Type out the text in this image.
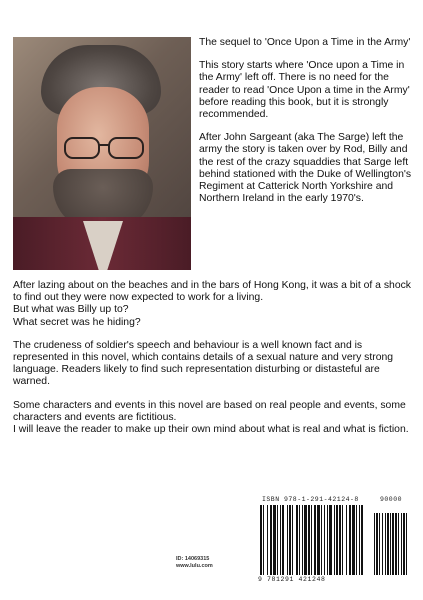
The sequel to 'Once Upon a Time in the Army'

This story starts where 'Once upon a Time in the Army' left off. There is no need for the reader to read 'Once Upon a time in the Army' before reading this book, but it is strongly recommended.

After John Sargeant (aka The Sarge) left the army the story is taken over by Rod, Billy and the rest of the crazy squaddies that Sarge left behind stationed with the Duke of Wellington's Regiment at Catterick North Yorkshire and Northern Ireland in the early 1970's.

After lazing about on the beaches and in the bars of Hong Kong, it was a bit of a shock to find out they were now expected to work for a living.
But what was Billy up to?
What secret was he hiding?

The crudeness of soldier's speech and behaviour is a well known fact and is represented in this novel, which contains details of a sexual nature and very strong language. Readers likely to find such representation disturbing or distasteful are warned.

Some characters and events in this novel are based on real people and events, some characters and events are fictitious.
I will leave the reader to make up their own mind about what is real and what is fiction.

ID: 14069315
www.lulu.com
ISBN 978-1-291-42124-8	90000
9 781291 421248
